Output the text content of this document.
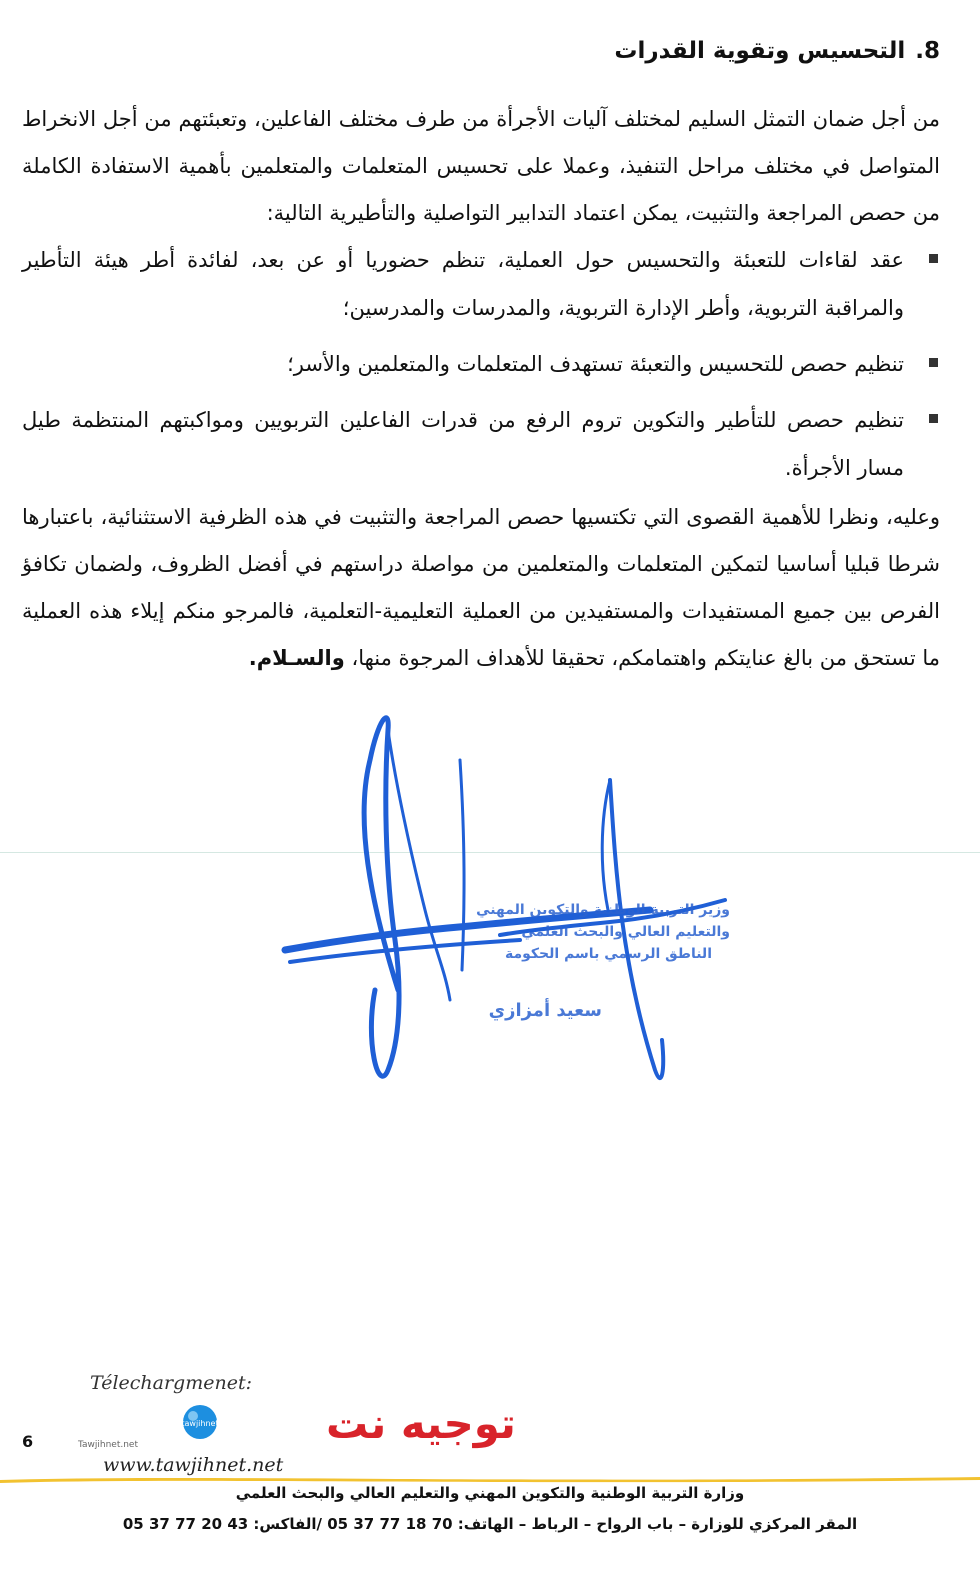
8.التحسيس وتقوية القدرات
من أجل ضمان التمثل السليم لمختلف آليات الأجرأة من طرف مختلف الفاعلين، وتعبئتهم من أجل الانخراط المتواصل في مختلف مراحل التنفيذ، وعملا على تحسيس المتعلمات والمتعلمين بأهمية الاستفادة الكاملة من حصص المراجعة والتثبيت، يمكن اعتماد التدابير التواصلية والتأطيرية التالية:
عقد لقاءات للتعبئة والتحسيس حول العملية، تنظم حضوريا أو عن بعد، لفائدة أطر هيئة التأطير والمراقبة التربوية، وأطر الإدارة التربوية، والمدرسات والمدرسين؛
تنظيم حصص للتحسيس والتعبئة تستهدف المتعلمات والمتعلمين والأسر؛
تنظيم حصص للتأطير والتكوين تروم الرفع من قدرات الفاعلين التربويين ومواكبتهم المنتظمة طيل مسار الأجرأة.
وعليه، ونظرا للأهمية القصوى التي تكتسيها حصص المراجعة والتثبيت في هذه الظرفية الاستثنائية، باعتبارها شرطا قبليا أساسيا لتمكين المتعلمات والمتعلمين من مواصلة دراستهم في أفضل الظروف، ولضمان تكافؤ الفرص بين جميع المستفيدات والمستفيدين من العملية التعليمية-التعلمية، فالمرجو منكم إيلاء هذه العملية ما تستحق من بالغ عنايتكم واهتمامكم، تحقيقا للأهداف المرجوة منها، والسـلام.
وزير التربية الوطنية والتكوين المهني
والتعليم العالي والبحث العلمي
الناطق الرسمي باسم الحكومة
سعيد أمزازي
Télechargmenet:
توجيه نت
tawjihnet
Tawjihnet.net
www.tawjihnet.net
6
وزارة التربية الوطنية والتكوين المهني والتعليم العالي والبحث العلمي
المقر المركزي للوزارة – باب الرواح – الرباط – الهاتف: 70 18 77 37 05 /الفاكس: 43 20 77 37 05
